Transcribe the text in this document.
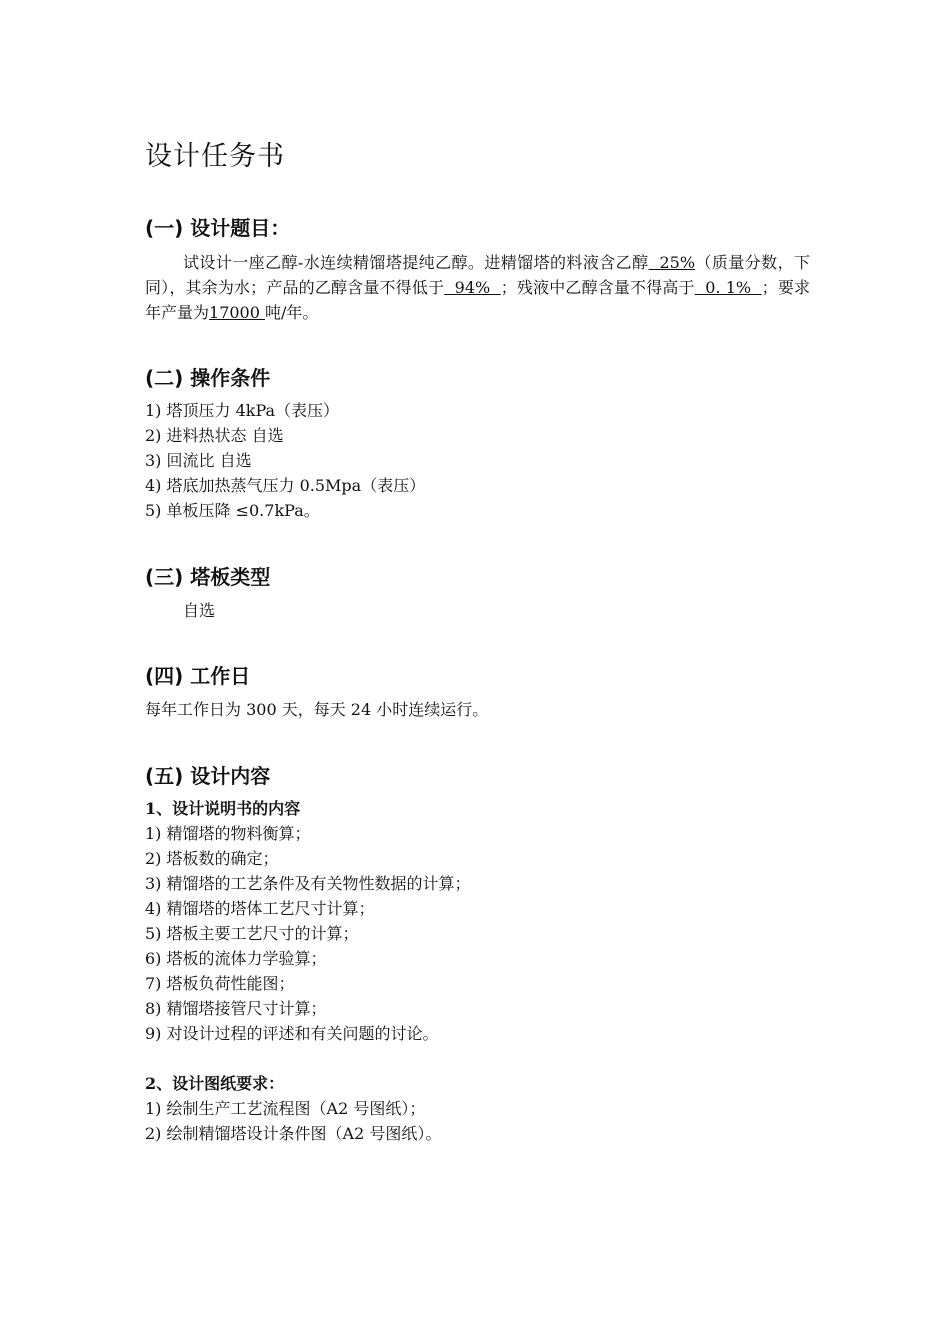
设计任务书
(一) 设计题目：

试设计一座乙醇-水连续精馏塔提纯乙醇。进精馏塔的料液含乙醇  25%（质量分数，下同），其余为水；产品的乙醇含量不得低于  94%  ；残液中乙醇含量不得高于  0. 1%  ；要求年产量为17000 吨/年。

(二) 操作条件
1) 塔顶压力 4kPa（表压）
2) 进料热状态 自选
3) 回流比 自选
4) 塔底加热蒸气压力 0.5Mpa（表压）
5) 单板压降 ≤0.7kPa。
(三) 塔板类型

自选

(四) 工作日

每年工作日为 300 天，每天 24 小时连续运行。

(五) 设计内容

1、设计说明书的内容

1) 精馏塔的物料衡算；
2) 塔板数的确定；
3) 精馏塔的工艺条件及有关物性数据的计算；
4) 精馏塔的塔体工艺尺寸计算；
5) 塔板主要工艺尺寸的计算；
6) 塔板的流体力学验算；
7) 塔板负荷性能图；
8) 精馏塔接管尺寸计算；
9) 对设计过程的评述和有关问题的讨论。

2、设计图纸要求：

1) 绘制生产工艺流程图（A2 号图纸）；
2) 绘制精馏塔设计条件图（A2 号图纸）。
